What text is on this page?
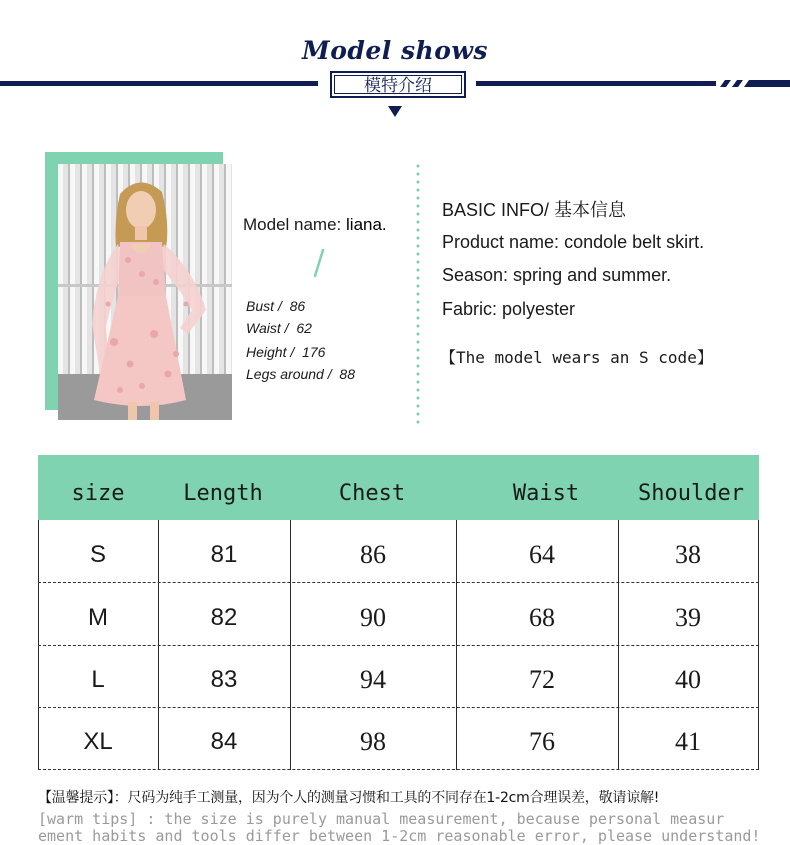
Model shows
模特介绍
Model name: liana.
Bust /  86
Waist /  62
Height /  176
Legs around /  88
BASIC INFO/ 基本信息
Product name: condole belt skirt.
Season: spring and summer.
Fabric: polyester
【The model wears an S code】
size	Length	Chest	Waist	Shoulder
S	81	86	64	38
M	82	90	68	39
L	83	94	72	40
XL	84	98	76	41
【温馨提示】：尺码为纯手工测量，因为个人的测量习惯和工具的不同存在1-2cm合理误差，敬请谅解!
[warm tips] : the size is purely manual measurement, because personal measur
ement habits and tools differ between 1-2cm reasonable error, please understand!
